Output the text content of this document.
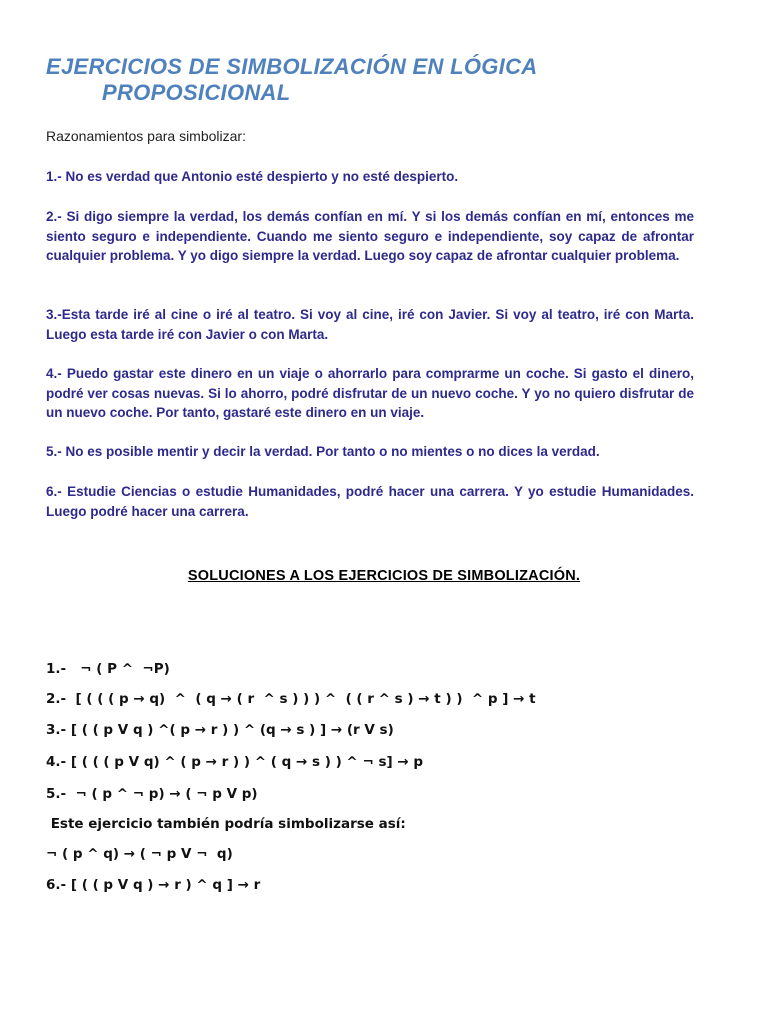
EJERCICIOS DE SIMBOLIZACIÓN EN LÓGICA
PROPOSICIONAL

Razonamientos para simbolizar:

1.- No es verdad que Antonio esté despierto y no esté despierto.

2.- Si digo siempre la verdad, los demás confían en mí. Y si los demás confían en mí, entonces me siento seguro e independiente. Cuando me siento seguro e independiente, soy capaz de afrontar cualquier problema. Y yo digo siempre la verdad. Luego soy capaz de afrontar cualquier problema.

3.-Esta tarde iré al cine o iré al teatro. Si voy al cine, iré con Javier. Si voy al teatro, iré con Marta. Luego esta tarde iré con Javier o con Marta.

4.- Puedo gastar este dinero en un viaje o ahorrarlo para comprarme un coche. Si gasto el dinero, podré ver cosas nuevas. Si lo ahorro, podré disfrutar de un nuevo coche. Y yo no quiero disfrutar de un nuevo coche. Por tanto, gastaré este dinero en un viaje.

5.- No es posible mentir y decir la verdad. Por tanto o no mientes o no dices la verdad.

6.- Estudie Ciencias o estudie Humanidades, podré hacer una carrera. Y yo estudie Humanidades. Luego podré hacer una carrera.

SOLUCIONES A LOS EJERCICIOS DE SIMBOLIZACIÓN.

1.-   ¬ ( P ^  ¬P)

2.-  [ ( ( ( p → q)  ^  ( q → ( r  ^ s ) ) ) ^  ( ( r ^ s ) → t ) )  ^ p ] → t

3.- [ ( ( p V q ) ^( p → r ) ) ^ (q → s ) ] → (r V s)

4.- [ ( ( ( p V q) ^ ( p → r ) ) ^ ( q → s ) ) ^ ¬ s] → p

5.-  ¬ ( p ^ ¬ p) → ( ¬ p V p)

Este ejercicio también podría simbolizarse así:

¬ ( p ^ q) → ( ¬ p V ¬  q)

6.- [ ( ( p V q ) → r ) ^ q ] → r
